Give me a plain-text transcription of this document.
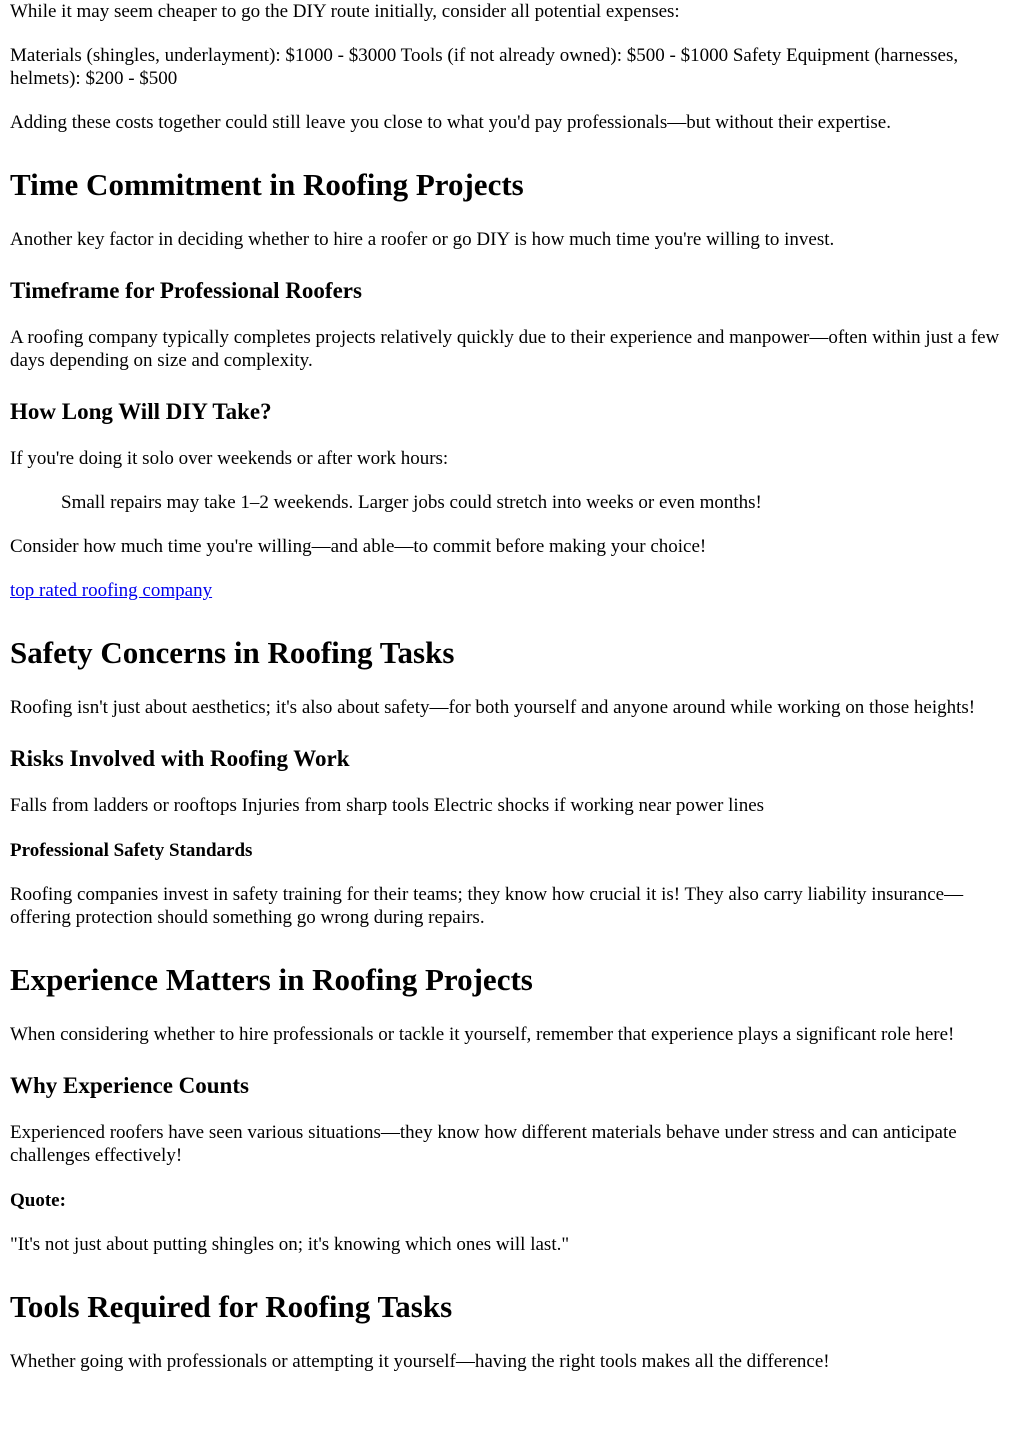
While it may seem cheaper to go the DIY route initially, consider all potential expenses:

Materials (shingles, underlayment): $1000 - $3000 Tools (if not already owned): $500 - $1000 Safety Equipment (harnesses, helmets): $200 - $500

Adding these costs together could still leave you close to what you'd pay professionals—but without their expertise.

Time Commitment in Roofing Projects

Another key factor in deciding whether to hire a roofer or go DIY is how much time you're willing to invest.

Timeframe for Professional Roofers

A roofing company typically completes projects relatively quickly due to their experience and manpower—often within just a few days depending on size and complexity.

How Long Will DIY Take?

If you're doing it solo over weekends or after work hours:

Small repairs may take 1–2 weekends. Larger jobs could stretch into weeks or even months!

Consider how much time you're willing—and able—to commit before making your choice!

top rated roofing company

Safety Concerns in Roofing Tasks

Roofing isn't just about aesthetics; it's also about safety—for both yourself and anyone around while working on those heights!

Risks Involved with Roofing Work

Falls from ladders or rooftops Injuries from sharp tools Electric shocks if working near power lines

Professional Safety Standards

Roofing companies invest in safety training for their teams; they know how crucial it is! They also carry liability insurance—offering protection should something go wrong during repairs.

Experience Matters in Roofing Projects

When considering whether to hire professionals or tackle it yourself, remember that experience plays a significant role here!

Why Experience Counts

Experienced roofers have seen various situations—they know how different materials behave under stress and can anticipate challenges effectively!

Quote:

"It's not just about putting shingles on; it's knowing which ones will last."

Tools Required for Roofing Tasks

Whether going with professionals or attempting it yourself—having the right tools makes all the difference!
